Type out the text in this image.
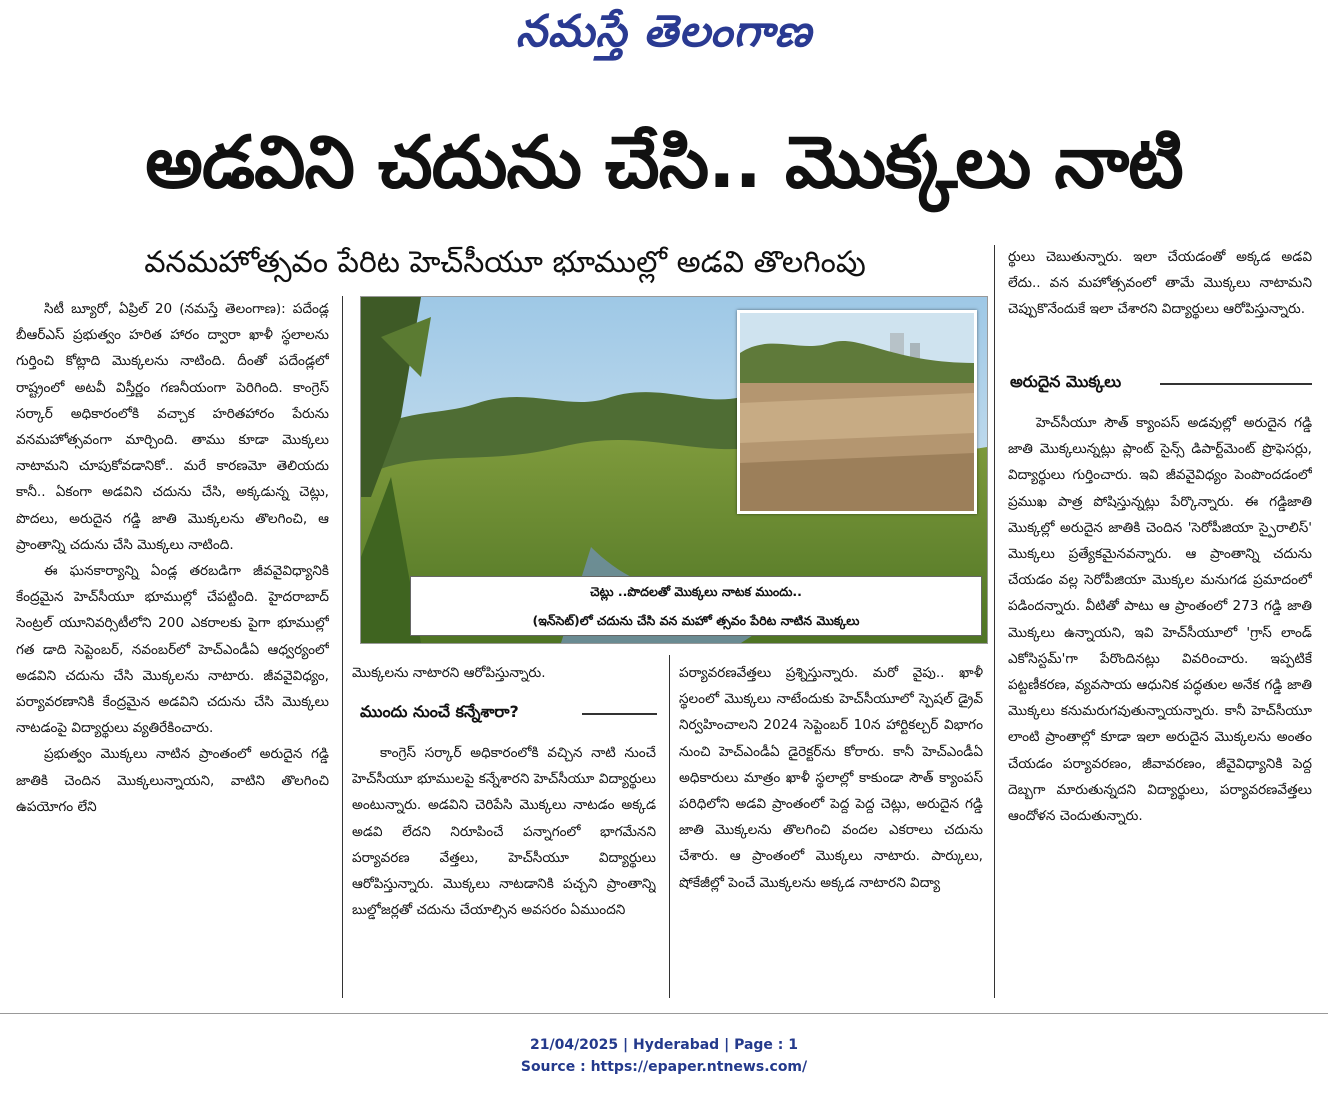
నమస్తే తెలంగాణ
అడవిని చదును చేసి.. మొక్కలు నాటి
వనమహోత్సవం పేరిట హెచ్‌సీయూ భూముల్లో అడవి తొలగింపు

సిటీ బ్యూరో, ఏప్రిల్ 20 (నమస్తే తెలంగాణ): పదేండ్ల బీఆర్‌ఎస్ ప్రభుత్వం హరిత హారం ద్వారా ఖాళీ స్థలాలను గుర్తించి కోట్లాది మొక్కలను నాటింది. దీంతో పదేండ్లలో రాష్ట్రంలో అటవీ విస్తీర్ణం గణనీయంగా పెరిగింది. కాంగ్రెస్ సర్కార్ అధికారంలోకి వచ్చాక హరితహారం పేరును వనమహోత్సవంగా మార్చింది. తాము కూడా మొక్కలు నాటామని చూపుకోవడానికో.. మరే కారణమో తెలియదు కానీ.. ఏకంగా అడవిని చదును చేసి, అక్కడున్న చెట్లు, పొదలు, అరుదైన గడ్డి జాతి మొక్కలను తొలగించి, ఆ ప్రాంతాన్ని చదును చేసి మొక్కలు నాటింది.

ఈ ఘనకార్యాన్ని ఏండ్ల తరబడిగా జీవవైవిధ్యానికి కేంద్రమైన హెచ్‌సీయూ భూముల్లో చేపట్టింది. హైదరాబాద్ సెంట్రల్ యూనివర్సిటీలోని 200 ఎకరాలకు పైగా భూముల్లో గత డాది సెప్టెంబర్, నవంబర్‌లో హెచ్‌ఎండీఏ ఆధ్వర్యంలో అడవిని చదును చేసి మొక్కలను నాటారు. జీవవైవిధ్యం, పర్యావరణానికి కేంద్రమైన అడవిని చదును చేసి మొక్కలు నాటడంపై విద్యార్థులు వ్యతిరేకించారు.

ప్రభుత్వం మొక్కలు నాటిన ప్రాంతంలో అరుదైన గడ్డి జాతికి చెందిన మొక్కలున్నాయని, వాటిని తొలగించి ఉపయోగం లేని

చెట్లు ..పొదలతో మొక్కలు నాటక ముందు..
(ఇన్‌సెట్)లో చదును చేసి వన మహో త్సవం పేరిట నాటిన మొక్కలు

మొక్కలను నాటారని ఆరోపిస్తున్నారు.

ముందు నుంచే కన్నేశారా?

కాంగ్రెస్ సర్కార్ అధికారంలోకి వచ్చిన నాటి నుంచే హెచ్‌సీయూ భూములపై కన్నేశారని హెచ్‌సీయూ విద్యార్థులు అంటున్నారు. అడవిని చెరిపేసి మొక్కలు నాటడం అక్కడ అడవి లేదని నిరూపించే పన్నాగంలో భాగమేనని పర్యావరణ వేత్తలు, హెచ్‌సీయూ విద్యార్థులు ఆరోపిస్తున్నారు. మొక్కలు నాటడానికి పచ్చని ప్రాంతాన్ని బుల్డోజర్లతో చదును చేయాల్సిన అవసరం ఏముందని

పర్యావరణవేత్తలు ప్రశ్నిస్తున్నారు. మరో వైపు.. ఖాళీ స్థలంలో మొక్కలు నాటేందుకు హెచ్‌సీయూలో స్పెషల్ డ్రైవ్ నిర్వహించాలని 2024 సెప్టెంబర్ 10న హార్టికల్చర్ విభాగం నుంచి హెచ్‌ఎండీఏ డైరెక్టర్‌ను కోరారు. కానీ హెచ్‌ఎండీఏ అధికారులు మాత్రం ఖాళీ స్థలాల్లో కాకుండా సౌత్ క్యాంపస్ పరిధిలోని అడవి ప్రాంతంలో పెద్ద పెద్ద చెట్లు, అరుదైన గడ్డి జాతి మొక్కలను తొలగించి వందల ఎకరాలు చదును చేశారు. ఆ ప్రాంతంలో మొక్కలు నాటారు. పార్కులు, షోకేజీల్లో పెంచే మొక్కలను అక్కడ నాటారని విద్యా

ర్థులు చెబుతున్నారు. ఇలా చేయడంతో అక్కడ అడవి లేదు.. వన మహోత్సవంలో తామే మొక్కలు నాటామని చెప్పుకొనేందుకే ఇలా చేశారని విద్యార్థులు ఆరోపిస్తున్నారు.

అరుదైన మొక్కలు

హెచ్‌సీయూ సౌత్ క్యాంపస్ అడవుల్లో అరుదైన గడ్డి జాతి మొక్కలున్నట్లు ప్లాంట్ సైన్స్ డిపార్ట్‌మెంట్ ప్రొఫెసర్లు, విద్యార్థులు గుర్తించారు. ఇవి జీవవైవిధ్యం పెంపొందడంలో ప్రముఖ పాత్ర పోషిస్తున్నట్లు పేర్కొన్నారు. ఈ గడ్డిజాతి మొక్కల్లో అరుదైన జాతికి చెందిన 'సెరోపీజియా స్పైరాలిస్' మొక్కలు ప్రత్యేకమైనవన్నారు. ఆ ప్రాంతాన్ని చదును చేయడం వల్ల సెరోపీజియా మొక్కల మనుగడ ప్రమాదంలో పడిందన్నారు. వీటితో పాటు ఆ ప్రాంతంలో 273 గడ్డి జాతి మొక్కలు ఉన్నాయని, ఇవి హెచ్‌సీయూలో 'గ్రాస్ లాండ్ ఎకోసిస్టమ్'గా పేరొందినట్లు వివరించారు. ఇప్పటికే పట్టణీకరణ, వ్యవసాయ ఆధునిక పద్ధతుల అనేక గడ్డి జాతి మొక్కలు కనుమరుగవుతున్నాయన్నారు. కానీ హెచ్‌సీయూ లాంటి ప్రాంతాల్లో కూడా ఇలా అరుదైన మొక్కలను అంతం చేయడం పర్యావరణం, జీవావరణం, జీవైవిధ్యానికి పెద్ద దెబ్బగా మారుతున్నదని విద్యార్థులు, పర్యావరణవేత్తలు ఆందోళన చెందుతున్నారు.

21/04/2025 | Hyderabad | Page : 1
Source : https://epaper.ntnews.com/
